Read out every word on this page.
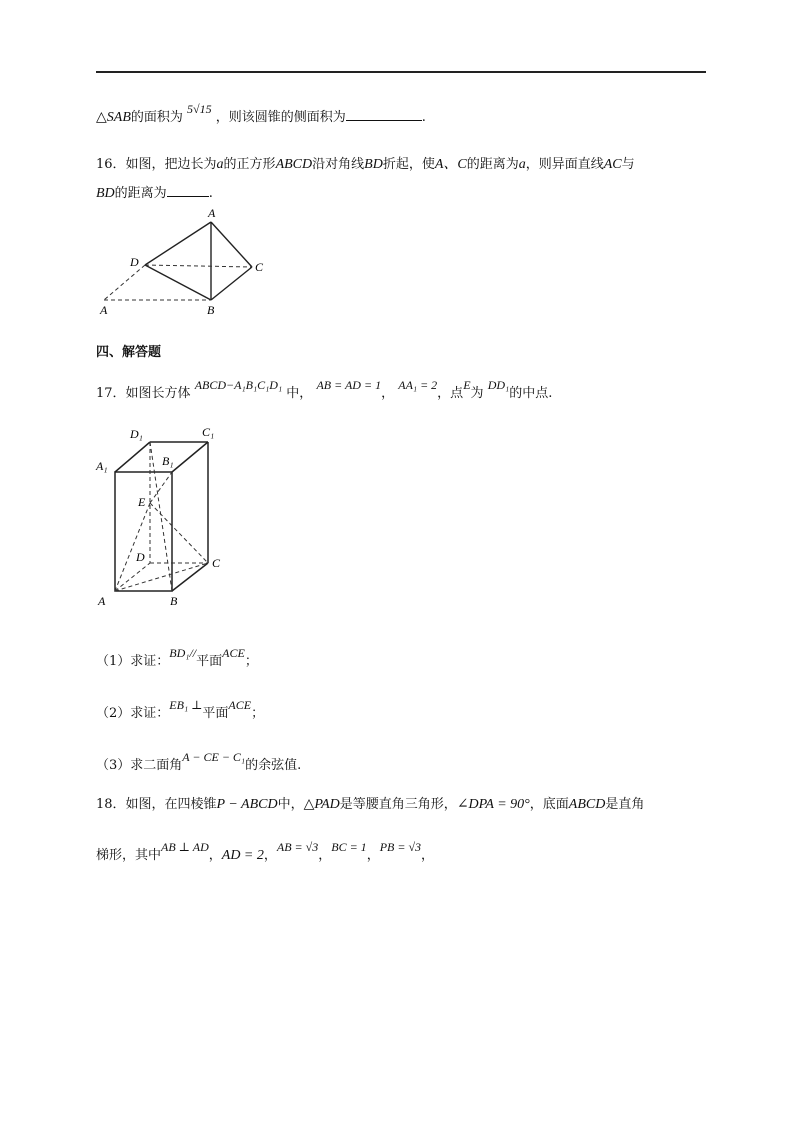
△SAB的面积为 5√15 ，则该圆锥的侧面积为	.
16．如图，把边长为a的正方形ABCD沿对角线BD折起，使A、C的距离为a，则异面直线AC与
BD的距离为	.
A
D	C
A	B
四、解答题
17．如图长方体 ABCD−A₁B₁C₁D₁ 中， AB = AD = 1， AA₁ = 2，点E为 DD₁的中点.
D₁	C₁
A₁	B₁
E
D	C
A	B
（1）求证：BD₁//平面ACE；
（2）求证：EB₁ ⊥平面ACE；
（3）求二面角A − CE − C₁的余弦值.
18．如图，在四棱锥P − ABCD中，△PAD是等腰直角三角形，∠DPA = 90°，底面ABCD是直角
梯形，其中AB ⊥ AD，AD = 2，AB = √3，BC = 1，PB = √3，
